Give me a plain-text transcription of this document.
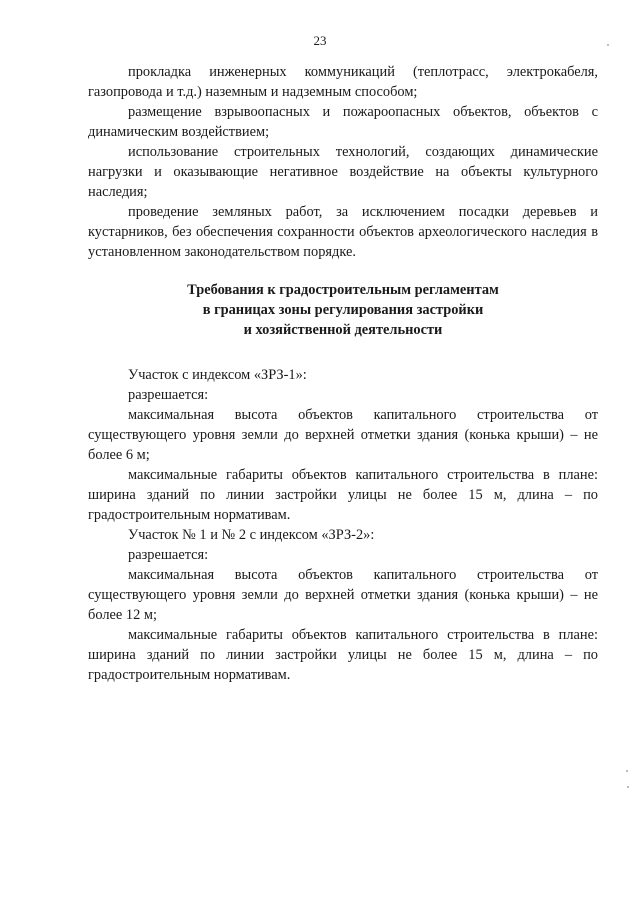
23

прокладка инженерных коммуникаций (теплотрасс, электрокабеля, газопровода и т.д.) наземным и надземным способом;

размещение взрывоопасных и пожароопасных объектов, объектов с динамическим воздействием;

использование строительных технологий, создающих динамические нагрузки и оказывающие негативное воздействие на объекты культурного наследия;

проведение земляных работ, за исключением посадки деревьев и кустарников, без обеспечения сохранности объектов археологического наследия в установленном законодательством порядке.

Требования к градостроительным регламентам
в границах зоны регулирования застройки
и хозяйственной деятельности

Участок с индексом «ЗРЗ-1»:

разрешается:

максимальная высота объектов капитального строительства от существующего уровня земли до верхней отметки здания (конька крыши) – не более 6 м;

максимальные габариты объектов капитального строительства в плане: ширина зданий по линии застройки улицы не более 15 м, длина – по градостроительным нормативам.

Участок № 1 и № 2 с индексом «ЗРЗ-2»:

разрешается:

максимальная высота объектов капитального строительства от существующего уровня земли до верхней отметки здания (конька крыши) – не более 12 м;

максимальные габариты объектов капитального строительства в плане: ширина зданий по линии застройки улицы не более 15 м, длина – по градостроительным нормативам.
